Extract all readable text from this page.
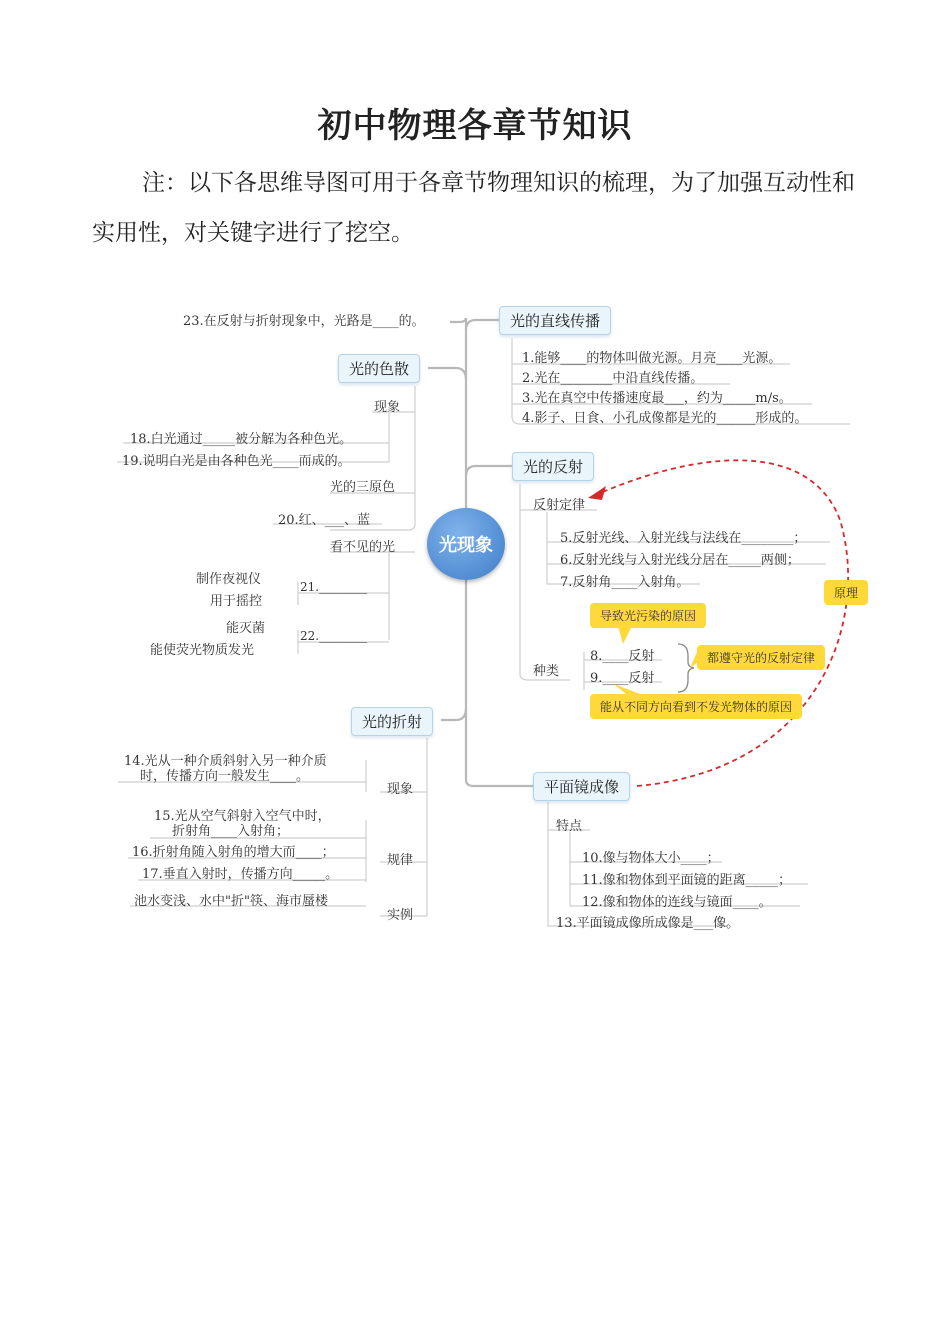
初中物理各章节知识
注：以下各思维导图可用于各章节物理知识的梳理，为了加强互动性和实用性，对关键字进行了挖空。
23.在反射与折射现象中，光路是____的。
光现象
光的直线传播
1.能够____的物体叫做光源。月亮____光源。
2.光在________中沿直线传播。
3.光在真空中传播速度最___，约为_____m/s。
4.影子、日食、小孔成像都是光的______形成的。
光的色散
现象
18.白光通过_____被分解为各种色光。
19.说明白光是由各种色光____而成的。
光的三原色
20.红、___、蓝
看不见的光
制作夜视仪
用于摇控
21.________
能灭菌
能使荧光物质发光
22.________
光的反射
反射定律
5.反射光线、入射光线与法线在________；
6.反射光线与入射光线分居在_____两侧；
7.反射角____入射角。
种类
8.____反射
9.____反射
导致光污染的原因
都遵守光的反射定律
能从不同方向看到不发光物体的原因
原理
光的折射
14.光从一种介质斜射入另一种介质
时，传播方向一般发生____。
现象
15.光从空气斜射入空气中时，
折射角____入射角；
16.折射角随入射角的增大而____；
17.垂直入射时，传播方向_____。
规律
池水变浅、水中"折"筷、海市蜃楼
实例
平面镜成像
特点
10.像与物体大小____；
11.像和物体到平面镜的距离_____；
12.像和物体的连线与镜面____。
13.平面镜成像所成像是___像。
